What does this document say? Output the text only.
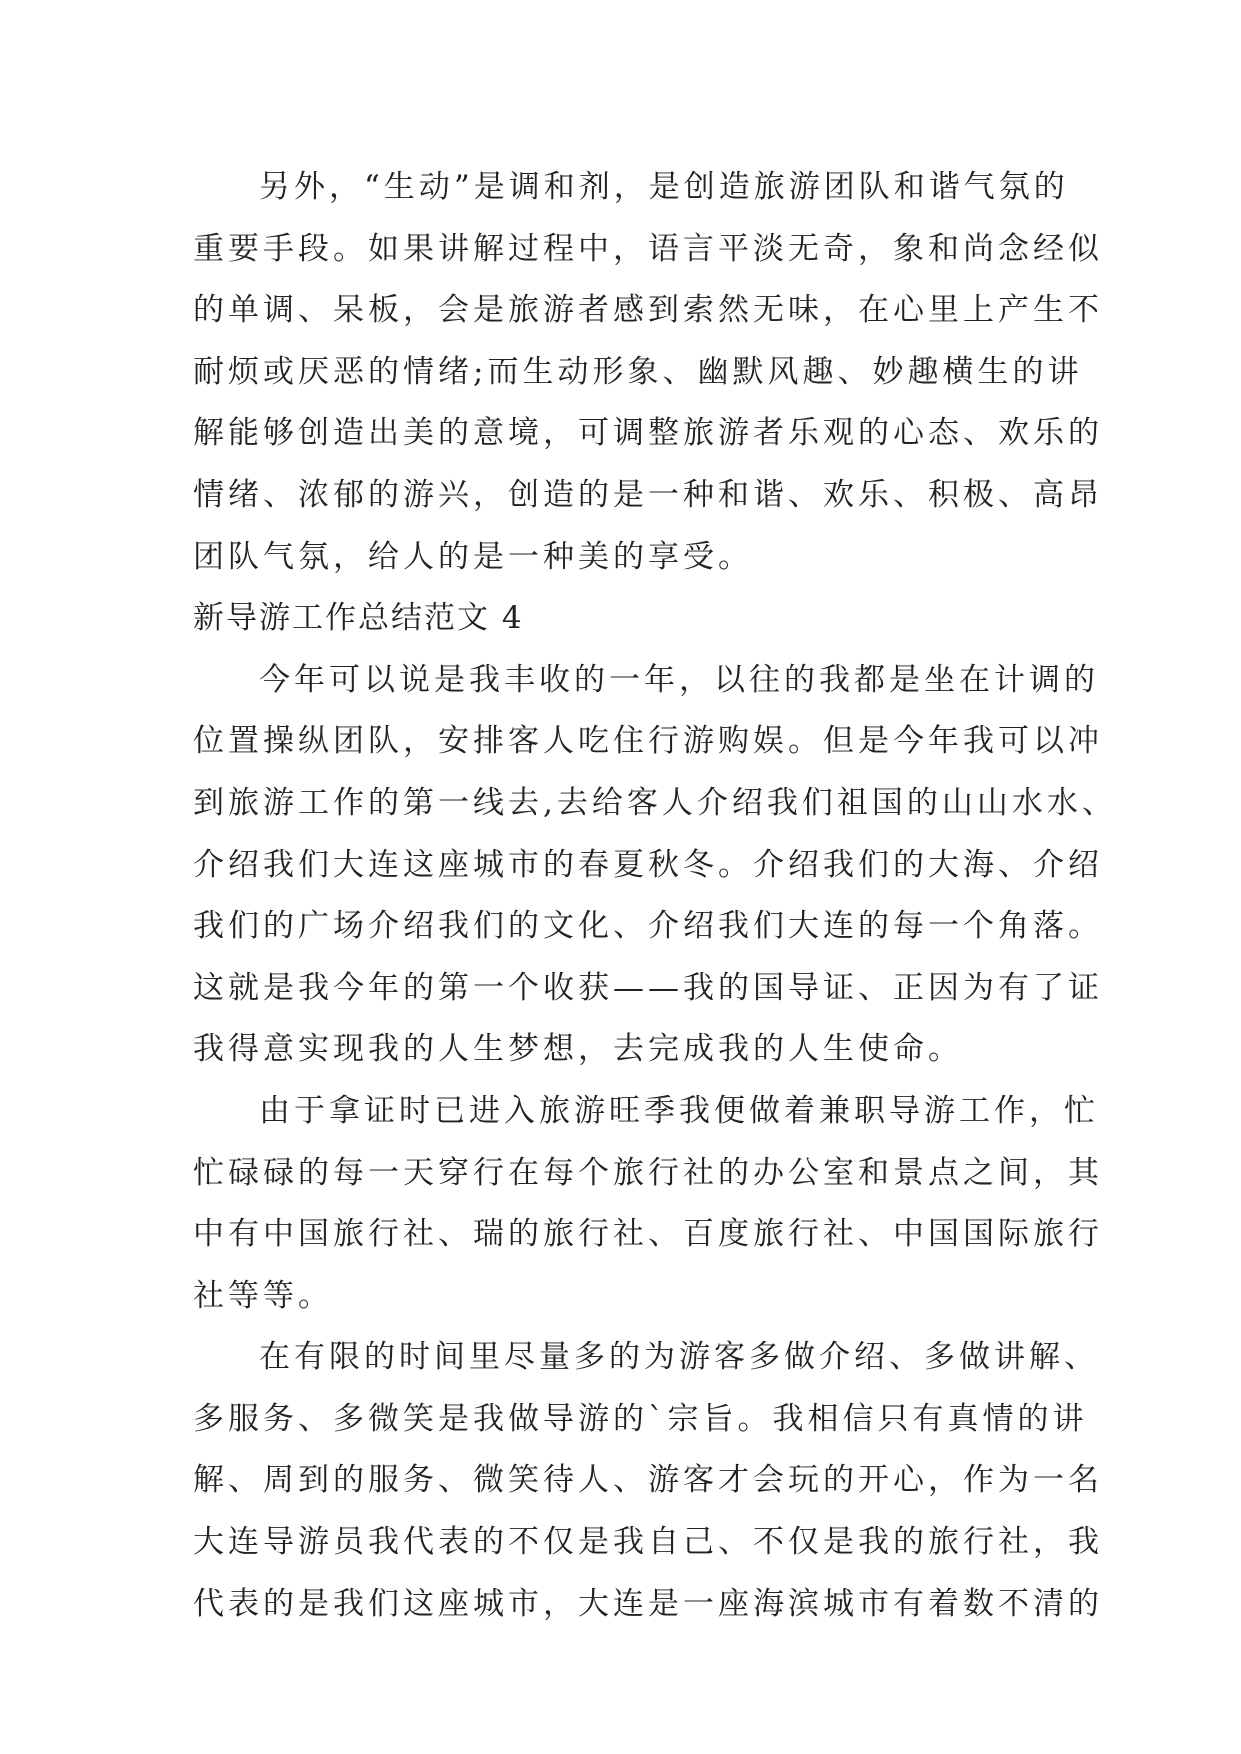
另外，“生动”是调和剂，是创造旅游团队和谐气氛的
重要手段。如果讲解过程中，语言平淡无奇，象和尚念经似
的单调、呆板，会是旅游者感到索然无味，在心里上产生不
耐烦或厌恶的情绪;而生动形象、幽默风趣、妙趣横生的讲
解能够创造出美的意境，可调整旅游者乐观的心态、欢乐的
情绪、浓郁的游兴，创造的是一种和谐、欢乐、积极、高昂
团队气氛，给人的是一种美的享受。
新导游工作总结范文 4
今年可以说是我丰收的一年，以往的我都是坐在计调的
位置操纵团队，安排客人吃住行游购娱。但是今年我可以冲
到旅游工作的第一线去,去给客人介绍我们祖国的山山水水、
介绍我们大连这座城市的春夏秋冬。介绍我们的大海、介绍
我们的广场介绍我们的文化、介绍我们大连的每一个角落。
这就是我今年的第一个收获——我的国导证、正因为有了证
我得意实现我的人生梦想，去完成我的人生使命。
由于拿证时已进入旅游旺季我便做着兼职导游工作，忙
忙碌碌的每一天穿行在每个旅行社的办公室和景点之间，其
中有中国旅行社、瑞的旅行社、百度旅行社、中国国际旅行
社等等。
在有限的时间里尽量多的为游客多做介绍、多做讲解、
多服务、多微笑是我做导游的`宗旨。我相信只有真情的讲
解、周到的服务、微笑待人、游客才会玩的开心，作为一名
大连导游员我代表的不仅是我自己、不仅是我的旅行社，我
代表的是我们这座城市，大连是一座海滨城市有着数不清的
